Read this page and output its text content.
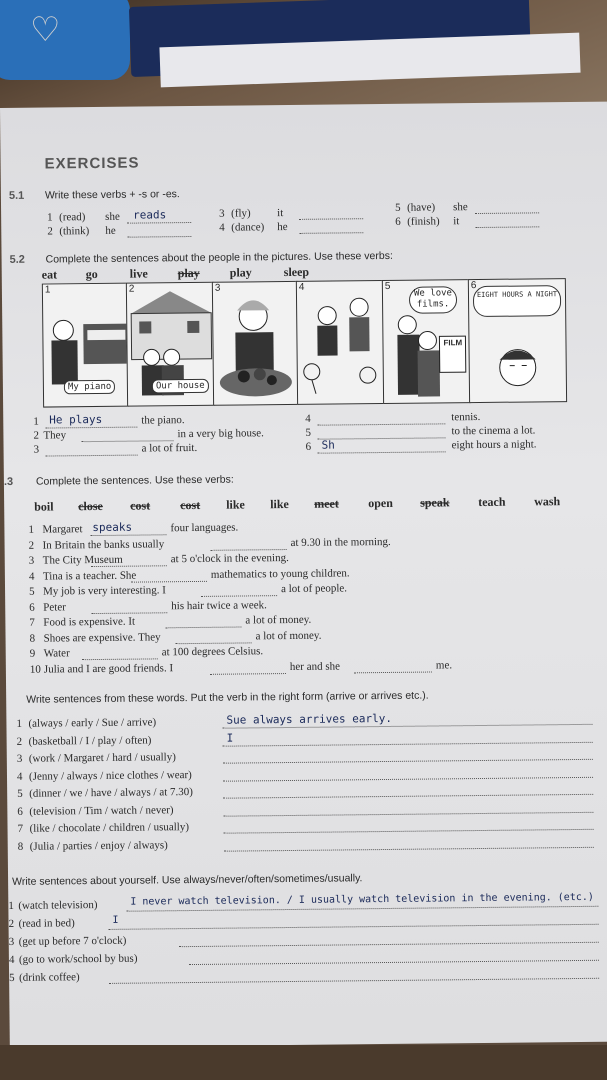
♡
EXERCISES
5.1 Write these verbs + -s or -es.
1 (read) she reads
2 (think) he
3 (fly) it
4 (dance) he
5 (have) she
6 (finish) it
5.2 Complete the sentences about the people in the pictures. Use these verbs:
eat go	live play play	sleep
1
My piano
2
Our house
3	4	5
We love films.
FILM
6
EIGHT HOURS A NIGHT
1 He plays	the piano.
2 They	in a very big house.
3	a lot of fruit.
4	tennis.
5	to the cinema a lot.
6 Sh	eight hours a night.
.3 Complete the sentences. Use these verbs:
boil close cost cost like like meet open speak teach wash
1 Margaret speaks	four languages.
2 In Britain the banks usually	at 9.30 in the morning.
3 The City Museum	at 5 o'clock in the evening.
4 Tina is a teacher. She	mathematics to young children.
5 My job is very interesting. I	a lot of people.
6 Peter	his hair twice a week.
7 Food is expensive. It	a lot of money.
8 Shoes are expensive. They	a lot of money.
9 Water	at 100 degrees Celsius.
10 Julia and I are good friends. I	her and she	me.
Write sentences from these words. Put the verb in the right form (arrive or arrives etc.).
1 (always / early / Sue / arrive)	Sue always arrives early.
2 (basketball / I / play / often)	I
3 (work / Margaret / hard / usually)
4 (Jenny / always / nice clothes / wear)
5 (dinner / we / have / always / at 7.30)
6 (television / Tim / watch / never)
7 (like / chocolate / children / usually)
8 (Julia / parties / enjoy / always)
Write sentences about yourself. Use always/never/often/sometimes/usually.
1 (watch television)	I never watch television. / I usually watch television in the evening. (etc.)
2 (read in bed)	I
3 (get up before 7 o'clock)
4 (go to work/school by bus)
5 (drink coffee)
